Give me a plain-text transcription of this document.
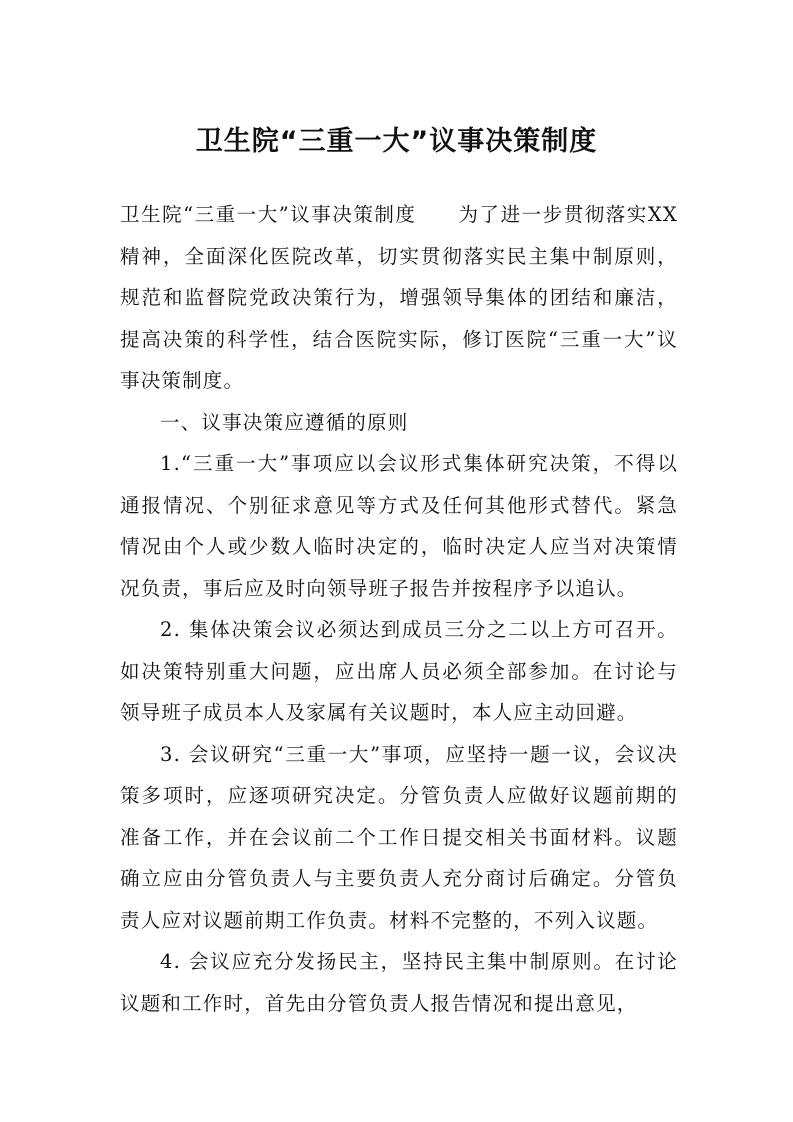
卫生院“三重一大”议事决策制度

卫生院“三重一大”议事决策制度　　为了进一步贯彻落实XX精神，全面深化医院改革，切实贯彻落实民主集中制原则，规范和监督院党政决策行为，增强领导集体的团结和廉洁，提高决策的科学性，结合医院实际，修订医院“三重一大”议事决策制度。

一、议事决策应遵循的原则

1.“三重一大”事项应以会议形式集体研究决策，不得以通报情况、个别征求意见等方式及任何其他形式替代。紧急情况由个人或少数人临时决定的，临时决定人应当对决策情况负责，事后应及时向领导班子报告并按程序予以追认。

2. 集体决策会议必须达到成员三分之二以上方可召开。如决策特别重大问题，应出席人员必须全部参加。在讨论与领导班子成员本人及家属有关议题时，本人应主动回避。

3. 会议研究“三重一大”事项，应坚持一题一议，会议决策多项时，应逐项研究决定。分管负责人应做好议题前期的准备工作，并在会议前二个工作日提交相关书面材料。议题确立应由分管负责人与主要负责人充分商讨后确定。分管负责人应对议题前期工作负责。材料不完整的，不列入议题。

4. 会议应充分发扬民主，坚持民主集中制原则。在讨论议题和工作时，首先由分管负责人报告情况和提出意见，
